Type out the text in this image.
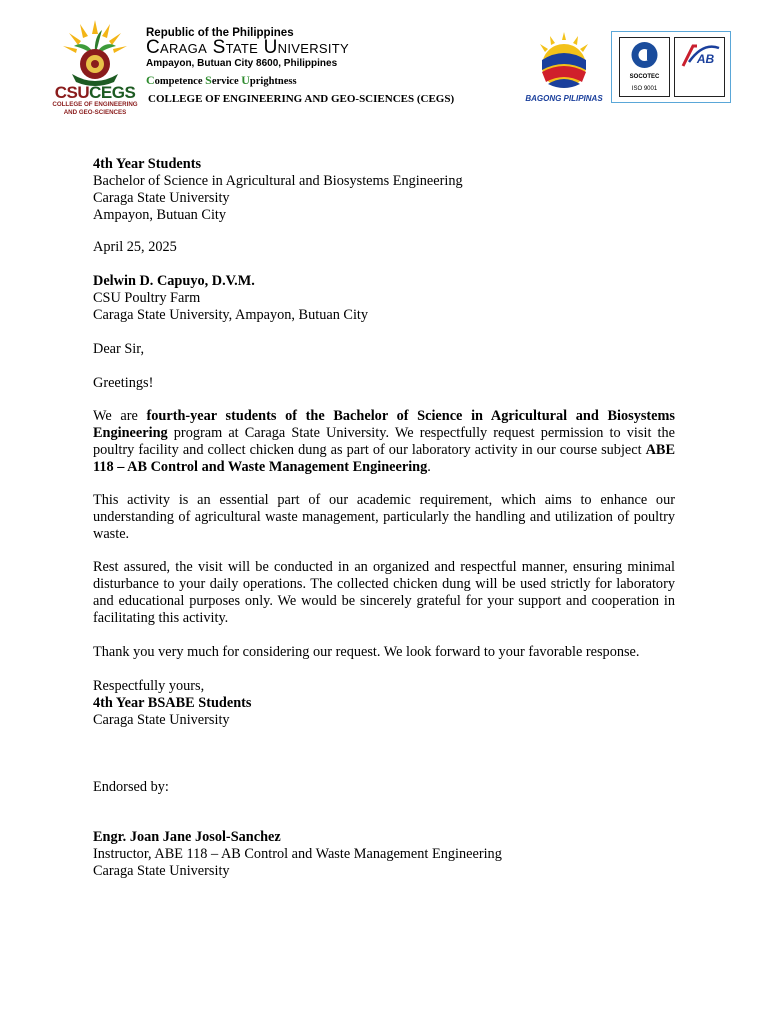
CSUCEGS
COLLEGE OF ENGINEERING
AND GEO-SCIENCES
Republic of the Philippines
Caraga State University
Ampayon, Butuan City 8600, Philippines
Competence Service Uprightness
COLLEGE OF ENGINEERING AND GEO-SCIENCES (CEGS)	BAGONG PILIPINAS
SOCOTEC
ISO 9001
AB
4th Year Students
Bachelor of Science in Agricultural and Biosystems Engineering
Caraga State University
Ampayon, Butuan City
April 25, 2025
Delwin D. Capuyo, D.V.M.
CSU Poultry Farm
Caraga State University, Ampayon, Butuan City
Dear Sir,
Greetings!
We are fourth-year students of the Bachelor of Science in Agricultural and Biosystems Engineering program at Caraga State University. We respectfully request permission to visit the poultry facility and collect chicken dung as part of our laboratory activity in our course subject ABE 118 – AB Control and Waste Management Engineering.
This activity is an essential part of our academic requirement, which aims to enhance our understanding of agricultural waste management, particularly the handling and utilization of poultry waste.
Rest assured, the visit will be conducted in an organized and respectful manner, ensuring minimal disturbance to your daily operations. The collected chicken dung will be used strictly for laboratory and educational purposes only. We would be sincerely grateful for your support and cooperation in facilitating this activity.
Thank you very much for considering our request. We look forward to your favorable response.
Respectfully yours,
4th Year BSABE Students
Caraga State University
Endorsed by:
Engr. Joan Jane Josol-Sanchez
Instructor, ABE 118 – AB Control and Waste Management Engineering
Caraga State University
